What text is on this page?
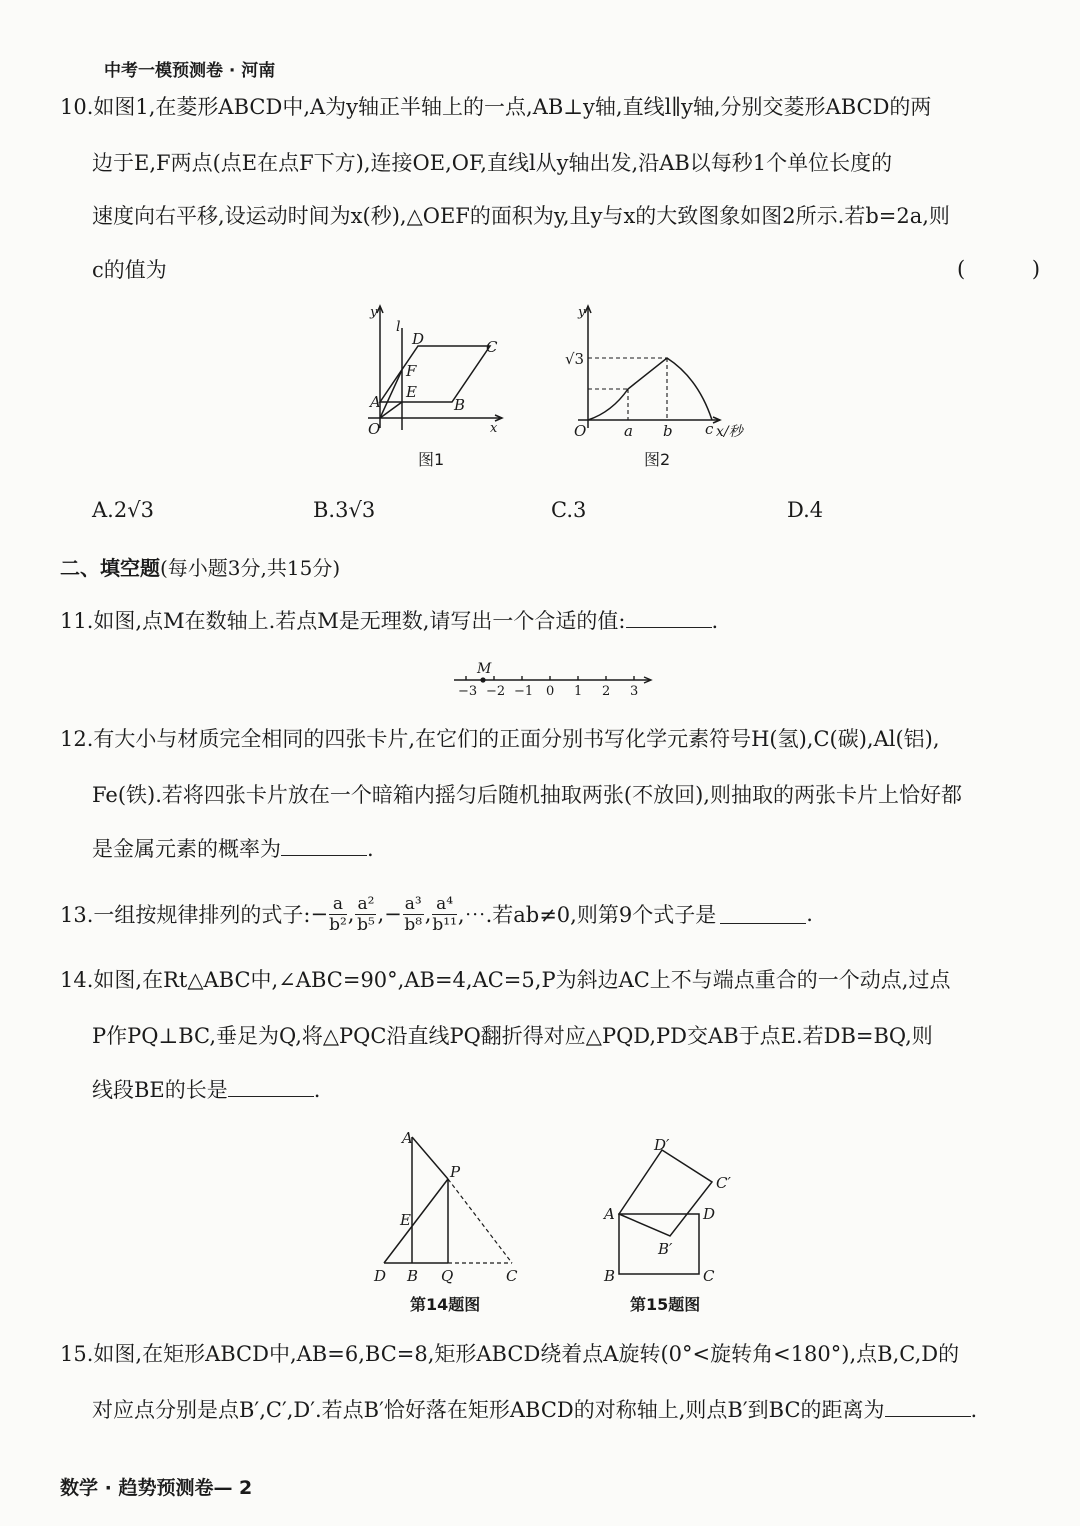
中考一模预测卷 · 河南
10.如图1,在菱形ABCD中,A为y轴正半轴上的一点,AB⊥y轴,直线l∥y轴,分别交菱形ABCD的两
边于E,F两点(点E在点F下方),连接OE,OF,直线l从y轴出发,沿AB以每秒1个单位长度的
速度向右平移,设运动时间为x(秒),△OEF的面积为y,且y与x的大致图象如图2所示.若b=2a,则
c的值为	( )
y
l
D	C
F
E
A	B
O	x
图1
y
√3
O	a b c x/秒
图2
A.2√3	B.3√3	C.3	D.4
二、填空题(每小题3分,共15分)
11.如图,点M在数轴上.若点M是无理数,请写出一个合适的值:	.
M
−3 −2 −1 0 1 2 3
12.有大小与材质完全相同的四张卡片,在它们的正面分别书写化学元素符号H(氢),C(碳),Al(铝),
Fe(铁).若将四张卡片放在一个暗箱内摇匀后随机抽取两张(不放回),则抽取的两张卡片上恰好都
是金属元素的概率为	.
13.一组按规律排列的式子: − $\frac{a}{\text{b²}}$ , $\frac{\text{a²}}{\text{b⁵}}$ , − $\frac{\text{a³}}{\text{b⁸}}$ , $\frac{\text{a⁴}}{\text{b¹¹}}$ ,⋯.若ab≠0,则第9个式子是	.
14.如图,在Rt△ABC中,∠ABC=90°,AB=4,AC=5,P为斜边AC上不与端点重合的一个动点,过点
P作PQ⊥BC,垂足为Q,将△PQC沿直线PQ翻折得对应△PQD,PD交AB于点E.若DB=BQ,则
线段BE的长是	.
A
P
E
D B Q	C
第14题图
D′
C′
A	D
B′
B	C
第15题图
15.如图,在矩形ABCD中,AB=6,BC=8,矩形ABCD绕着点A旋转(0°<旋转角<180°),点B,C,D的
对应点分别是点B′,C′,D′.若点B′恰好落在矩形ABCD的对称轴上,则点B′到BC的距离为	.
数学 · 趋势预测卷— 2
